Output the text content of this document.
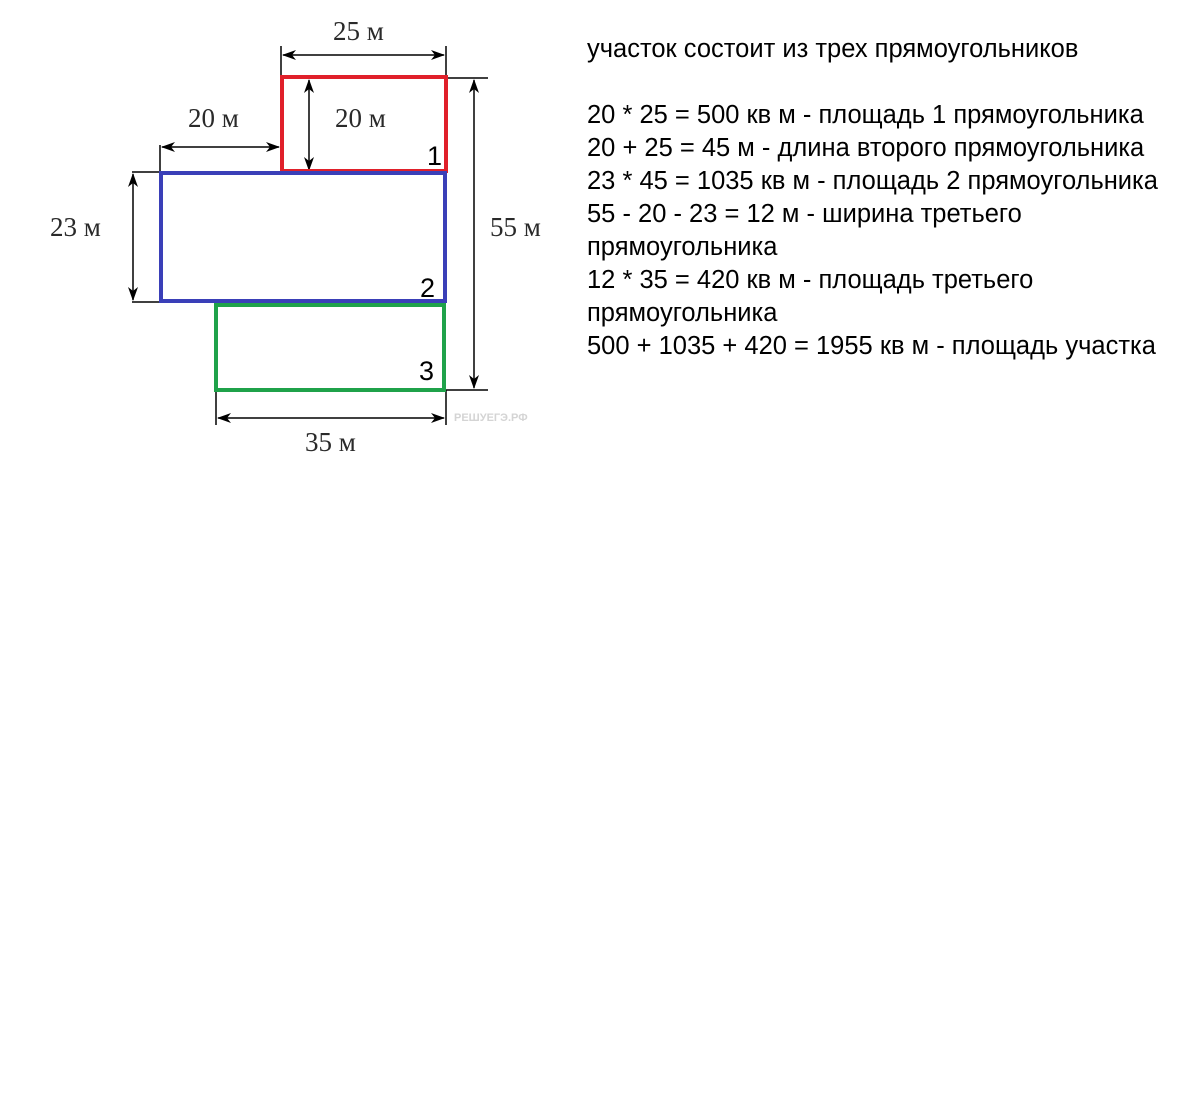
25 м
20 м	20 м
23 м	55 м
35 м
1
2
3
РЕШУЕГЭ.РФ
участок состоит из трех прямоугольников
20 * 25 = 500 кв м - площадь 1 прямоугольника
20 + 25 = 45 м - длина второго прямоугольника
23 * 45 = 1035 кв м - площадь 2 прямоугольника
55 - 20 - 23 = 12 м - ширина третьего прямоугольника
12 * 35 = 420 кв м - площадь третьего прямоугольника
500 + 1035 + 420 = 1955 кв м - площадь участка
